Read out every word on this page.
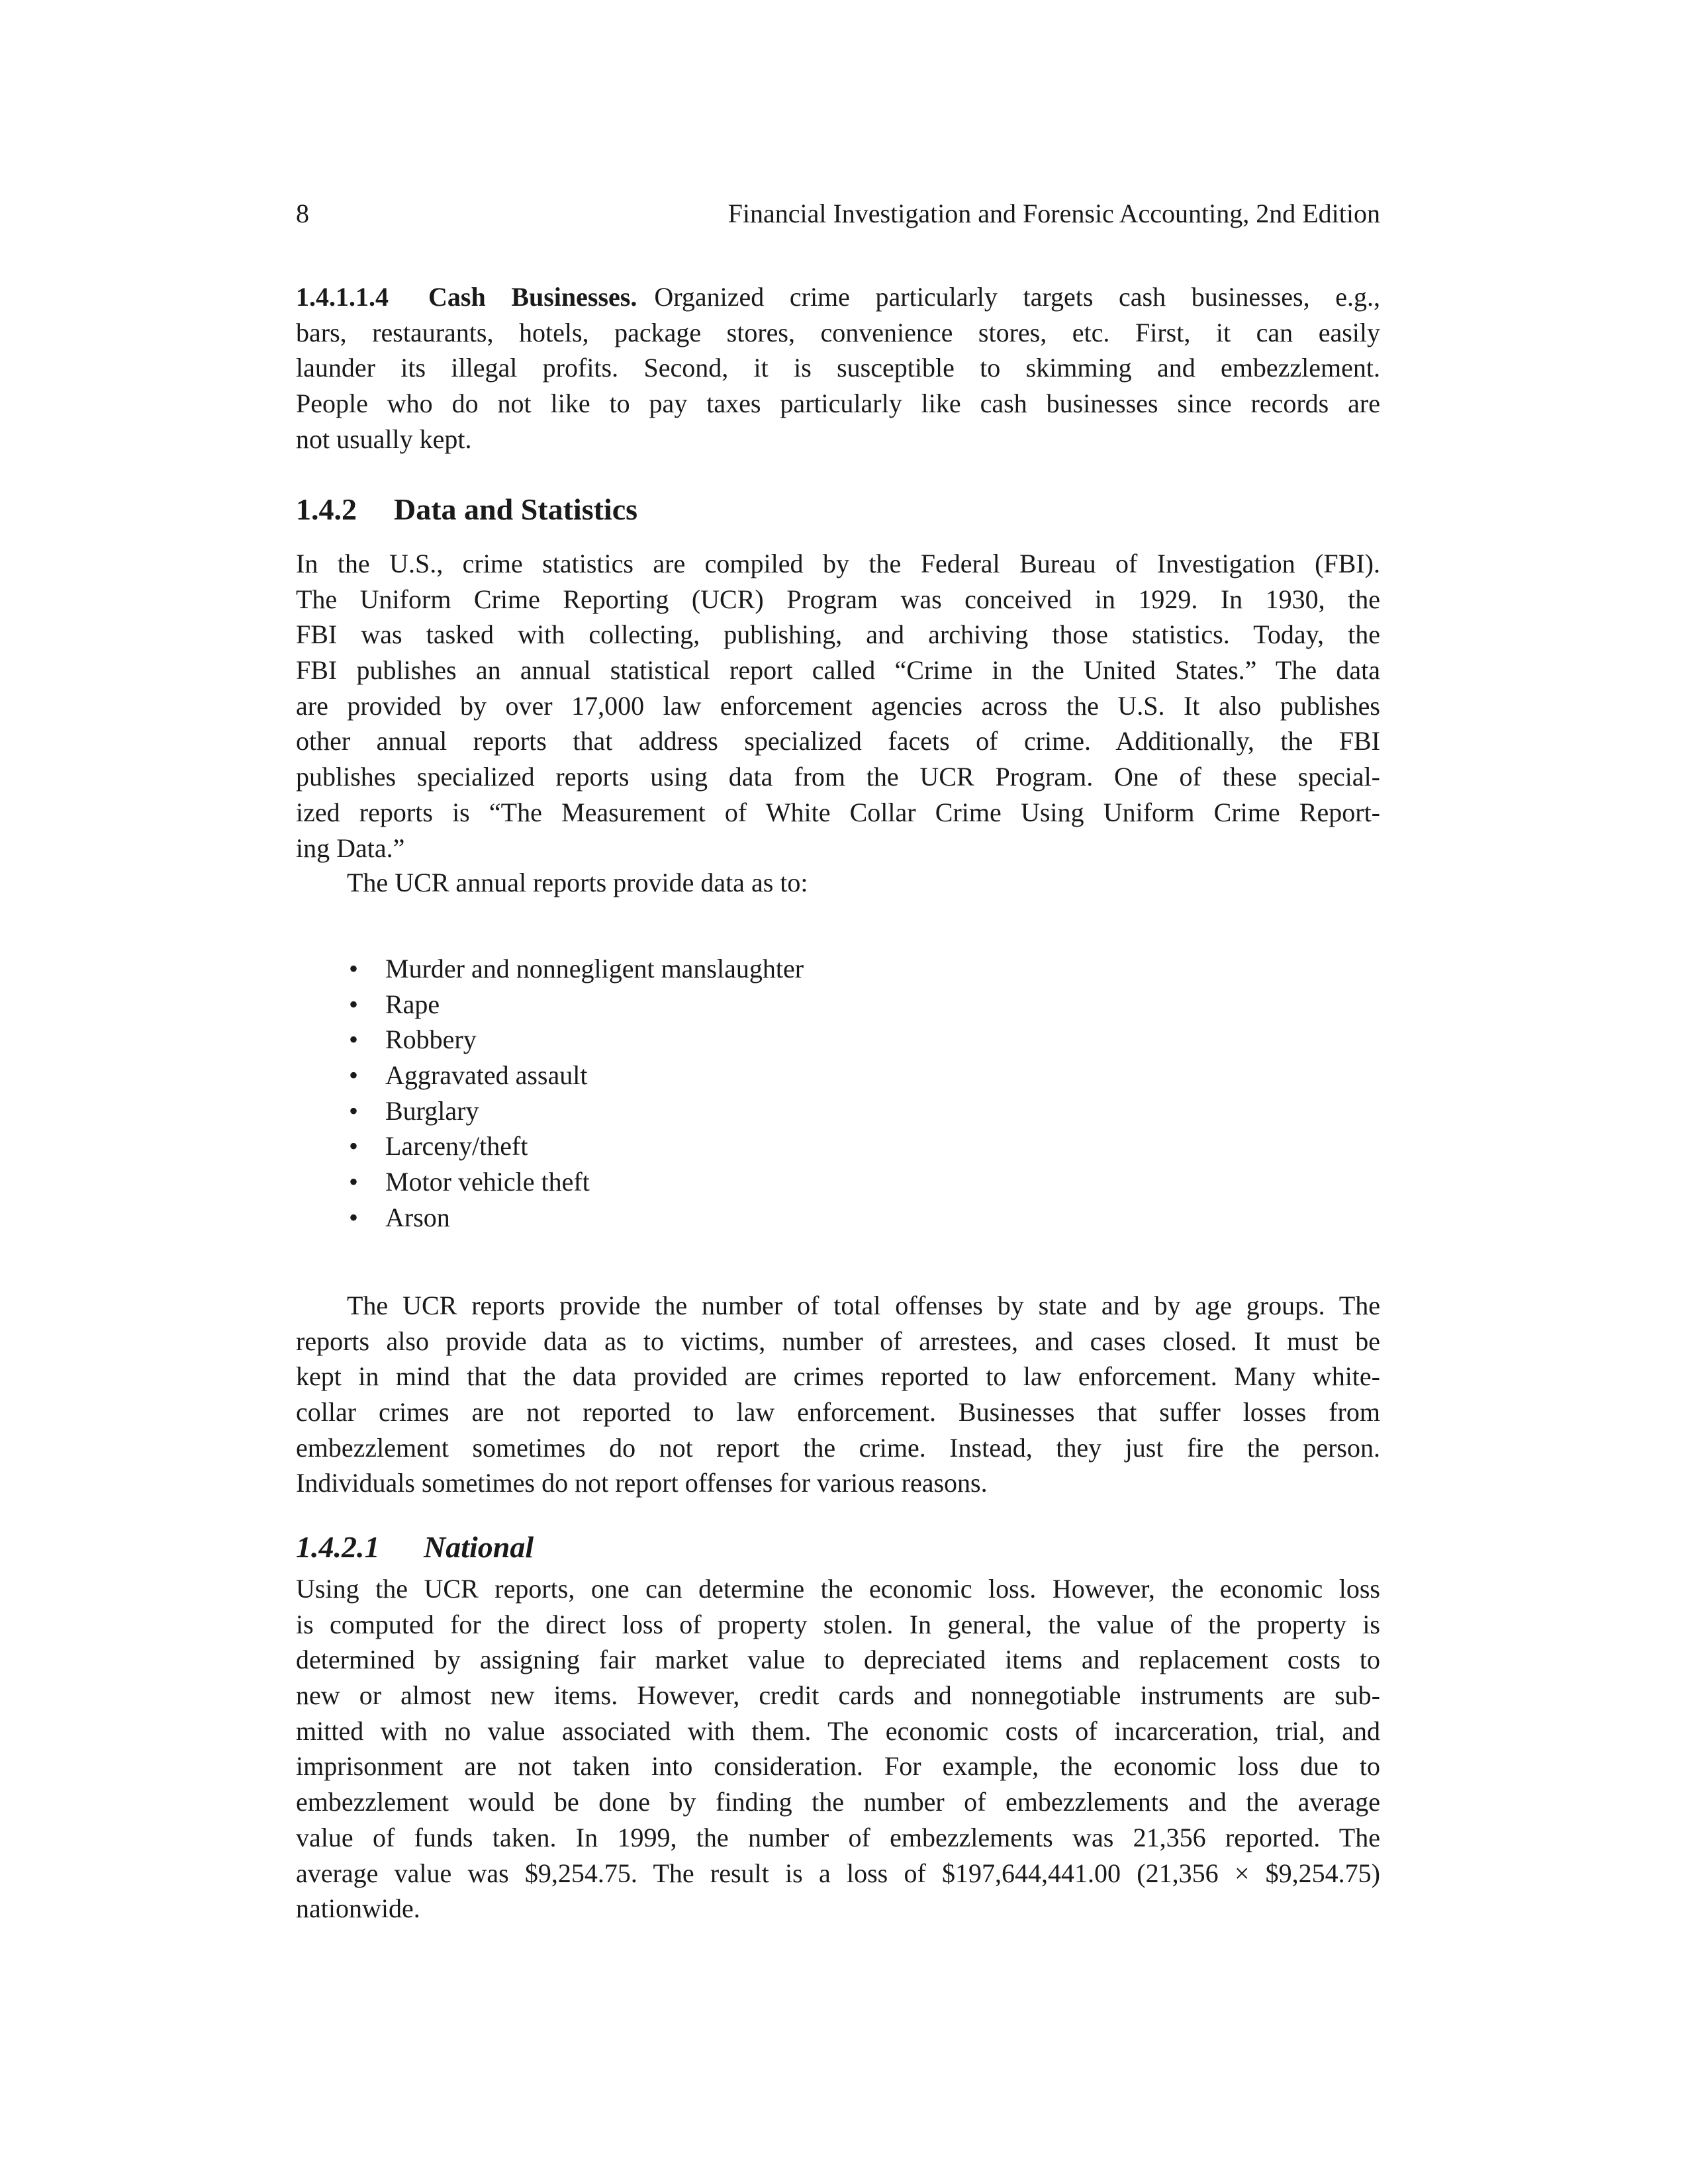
8	Financial Investigation and Forensic Accounting, 2nd Edition
1.4.1.1.4 Cash Businesses. Organized crime particularly targets cash businesses, e.g.,
bars, restaurants, hotels, package stores, convenience stores, etc. First, it can easily
launder its illegal profits. Second, it is susceptible to skimming and embezzlement.
People who do not like to pay taxes particularly like cash businesses since records are
not usually kept.
1.4.2 Data and Statistics
In the U.S., crime statistics are compiled by the Federal Bureau of Investigation (FBI).
The Uniform Crime Reporting (UCR) Program was conceived in 1929. In 1930, the
FBI was tasked with collecting, publishing, and archiving those statistics. Today, the
FBI publishes an annual statistical report called “Crime in the United States.” The data
are provided by over 17,000 law enforcement agencies across the U.S. It also publishes
other annual reports that address specialized facets of crime. Additionally, the FBI
publishes specialized reports using data from the UCR Program. One of these special-
ized reports is “The Measurement of White Collar Crime Using Uniform Crime Report-
ing Data.”
The UCR annual reports provide data as to:
• Murder and nonnegligent manslaughter
• Rape
• Robbery
• Aggravated assault
• Burglary
• Larceny/theft
• Motor vehicle theft
• Arson
The UCR reports provide the number of total offenses by state and by age groups. The
reports also provide data as to victims, number of arrestees, and cases closed. It must be
kept in mind that the data provided are crimes reported to law enforcement. Many white-
collar crimes are not reported to law enforcement. Businesses that suffer losses from
embezzlement sometimes do not report the crime. Instead, they just fire the person.
Individuals sometimes do not report offenses for various reasons.
1.4.2.1 National
Using the UCR reports, one can determine the economic loss. However, the economic loss
is computed for the direct loss of property stolen. In general, the value of the property is
determined by assigning fair market value to depreciated items and replacement costs to
new or almost new items. However, credit cards and nonnegotiable instruments are sub-
mitted with no value associated with them. The economic costs of incarceration, trial, and
imprisonment are not taken into consideration. For example, the economic loss due to
embezzlement would be done by finding the number of embezzlements and the average
value of funds taken. In 1999, the number of embezzlements was 21,356 reported. The
average value was $9,254.75. The result is a loss of $197,644,441.00 (21,356 × $9,254.75)
nationwide.
